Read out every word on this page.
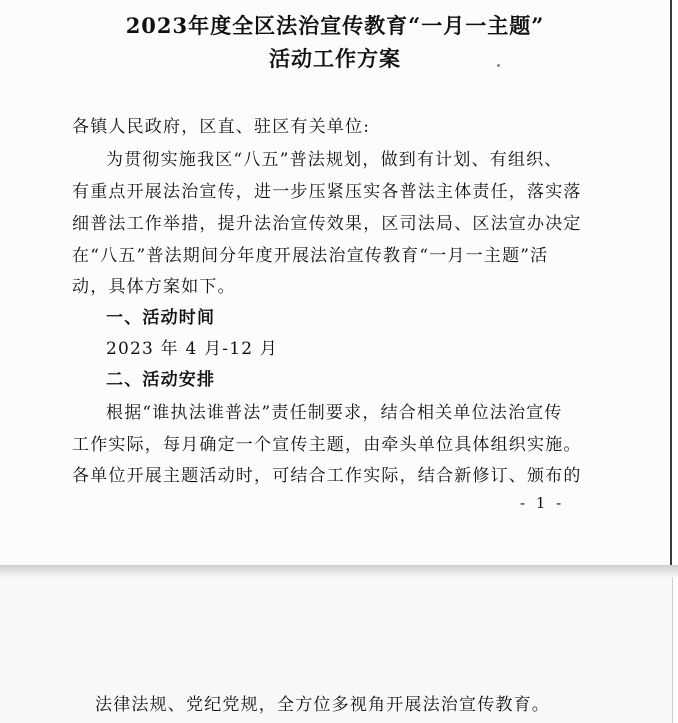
2023年度全区法治宣传教育“一月一主题”
活动工作方案
各镇人民政府，区直、驻区有关单位:
为贯彻实施我区“八五”普法规划，做到有计划、有组织、
有重点开展法治宣传，进一步压紧压实各普法主体责任，落实落
细普法工作举措，提升法治宣传效果，区司法局、区法宣办决定
在“八五”普法期间分年度开展法治宣传教育“一月一主题”活
动，具体方案如下。
一、活动时间
2023 年 4 月-12 月
二、活动安排
根据“谁执法谁普法”责任制要求，结合相关单位法治宣传
工作实际，每月确定一个宣传主题，由牵头单位具体组织实施。
各单位开展主题活动时，可结合工作实际，结合新修订、颁布的
- 1 -
法律法规、党纪党规，全方位多视角开展法治宣传教育。
